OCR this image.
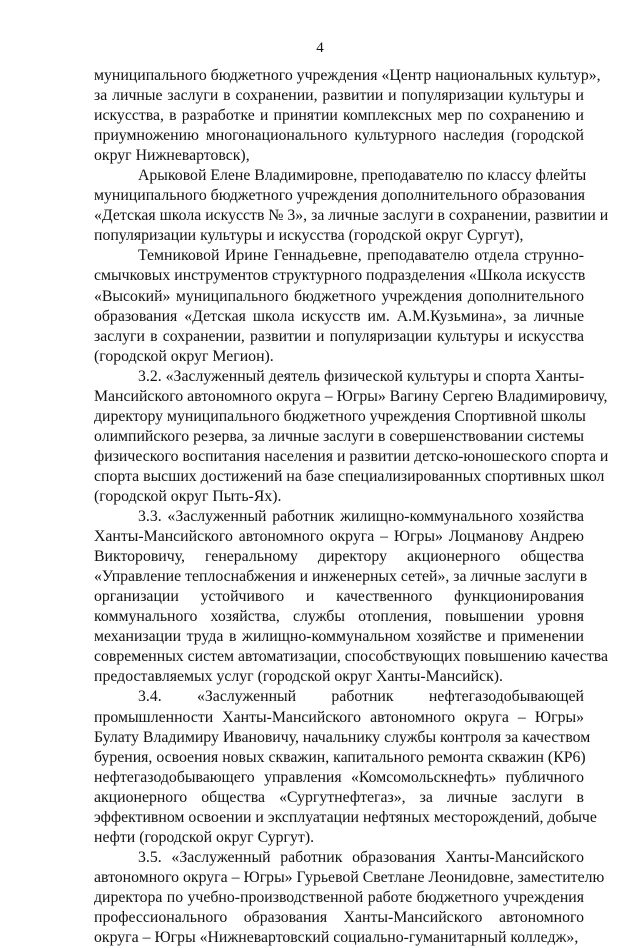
4
муниципального бюджетного учреждения «Центр национальных культур»,
за личные заслуги в сохранении, развитии и популяризации культуры и
искусства, в разработке и принятии комплексных мер по сохранению и
приумножению многонационального культурного наследия (городской
округ Нижневартовск),
Арыковой Елене Владимировне, преподавателю по классу флейты
муниципального бюджетного учреждения дополнительного образования
«Детская школа искусств № 3», за личные заслуги в сохранении, развитии и
популяризации культуры и искусства (городской округ Сургут),
Темниковой Ирине Геннадьевне, преподавателю отдела струнно-
смычковых инструментов структурного подразделения «Школа искусств
«Высокий» муниципального бюджетного учреждения дополнительного
образования «Детская школа искусств им. А.М.Кузьмина», за личные
заслуги в сохранении, развитии и популяризации культуры и искусства
(городской округ Мегион).
3.2. «Заслуженный деятель физической культуры и спорта Ханты-
Мансийского автономного округа – Югры» Вагину Сергею Владимировичу,
директору муниципального бюджетного учреждения Спортивной школы
олимпийского резерва, за личные заслуги в совершенствовании системы
физического воспитания населения и развитии детско-юношеского спорта и
спорта высших достижений на базе специализированных спортивных школ
(городской округ Пыть-Ях).
3.3. «Заслуженный работник жилищно-коммунального хозяйства
Ханты-Мансийского автономного округа – Югры» Лоцманову Андрею
Викторовичу, генеральному директору акционерного общества
«Управление теплоснабжения и инженерных сетей», за личные заслуги в
организации устойчивого и качественного функционирования
коммунального хозяйства, службы отопления, повышении уровня
механизации труда в жилищно-коммунальном хозяйстве и применении
современных систем автоматизации, способствующих повышению качества
предоставляемых услуг (городской округ Ханты-Мансийск).
3.4. «Заслуженный работник нефтегазодобывающей
промышленности Ханты-Мансийского автономного округа – Югры»
Булату Владимиру Ивановичу, начальнику службы контроля за качеством
бурения, освоения новых скважин, капитального ремонта скважин (КР6)
нефтегазодобывающего управления «Комсомольскнефть» публичного
акционерного общества «Сургутнефтегаз», за личные заслуги в
эффективном освоении и эксплуатации нефтяных месторождений, добыче
нефти (городской округ Сургут).
3.5. «Заслуженный работник образования Ханты-Мансийского
автономного округа – Югры» Гурьевой Светлане Леонидовне, заместителю
директора по учебно-производственной работе бюджетного учреждения
профессионального образования Ханты-Мансийского автономного
округа – Югры «Нижневартовский социально-гуманитарный колледж»,
